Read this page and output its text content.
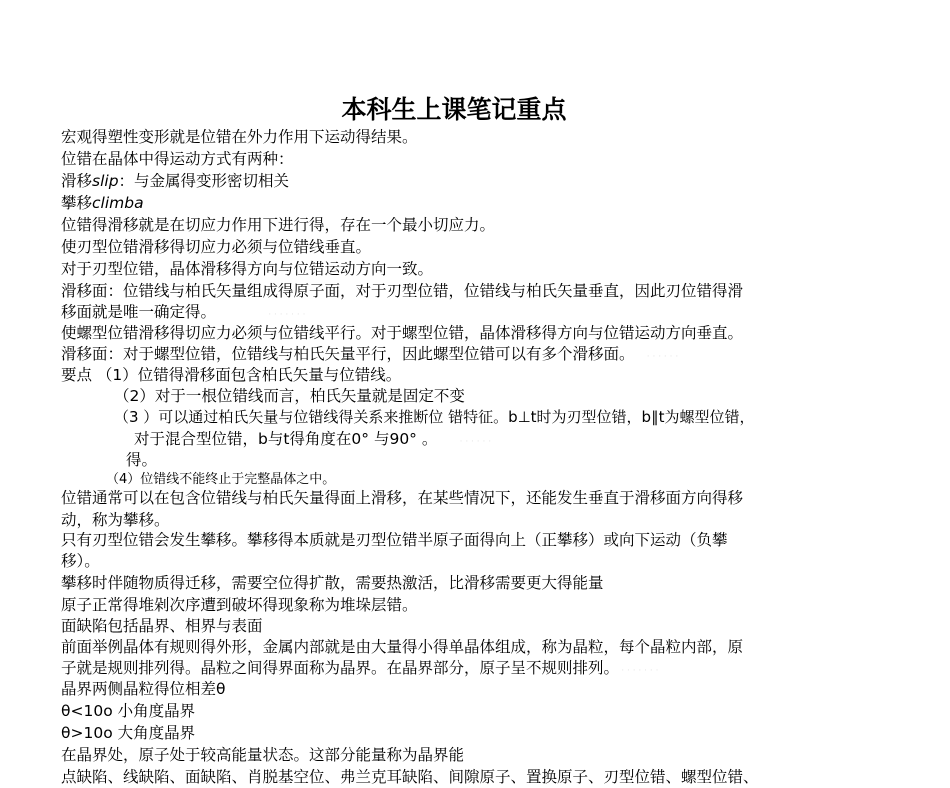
本科生上课笔记重点
宏观得塑性变形就是位错在外力作用下运动得结果。
位错在晶体中得运动方式有两种：
滑移slip：与金属得变形密切相关
攀移climba
位错得滑移就是在切应力作用下进行得，存在一个最小切应力。
使刃型位错滑移得切应力必须与位错线垂直。
对于刃型位错，晶体滑移得方向与位错运动方向一致。
滑移面：位错线与柏氏矢量组成得原子面，对于刃型位错，位错线与柏氏矢量垂直，因此刃位错得滑
移面就是唯一确定得。	· · · · · · ·
使螺型位错滑移得切应力必须与位错线平行。对于螺型位错，晶体滑移得方向与位错运动方向垂直。
滑移面：对于螺型位错，位错线与柏氏矢量平行，因此螺型位错可以有多个滑移面。 · · · · · ·
要点 （1）位错得滑移面包含柏氏矢量与位错线。
（2）对于一根位错线而言，柏氏矢量就是固定不变
（3 ）可以通过柏氏矢量与位错线得关系来推断位 错特征。b⊥t时为刃型位错，b∥t为螺型位错，
对于混合型位错，b与t得角度在0° 与90° 。	· · · · · ·
得。
（4）位错线不能终止于完整晶体之中。
位错通常可以在包含位错线与柏氏矢量得面上滑移，在某些情况下，还能发生垂直于滑移面方向得移
动，称为攀移。
只有刃型位错会发生攀移。攀移得本质就是刃型位错半原子面得向上（正攀移）或向下运动（负攀
移）。
攀移时伴随物质得迁移，需要空位得扩散，需要热激活，比滑移需要更大得能量
原子正常得堆剁次序遭到破坏得现象称为堆垛层错。
面缺陷包括晶界、相界与表面
前面举例晶体有规则得外形，金属内部就是由大量得小得单晶体组成，称为晶粒，每个晶粒内部，原
子就是规则排列得。晶粒之间得界面称为晶界。在晶界部分，原子呈不规则排列。 · · · · · · ·
晶界两侧晶粒得位相差θ
θ<10o 小角度晶界
θ>10o 大角度晶界
在晶界处，原子处于较高能量状态。这部分能量称为晶界能
点缺陷、线缺陷、面缺陷、肖脱基空位、弗兰克耳缺陷、间隙原子、置换原子、刃型位错、螺型位错、
